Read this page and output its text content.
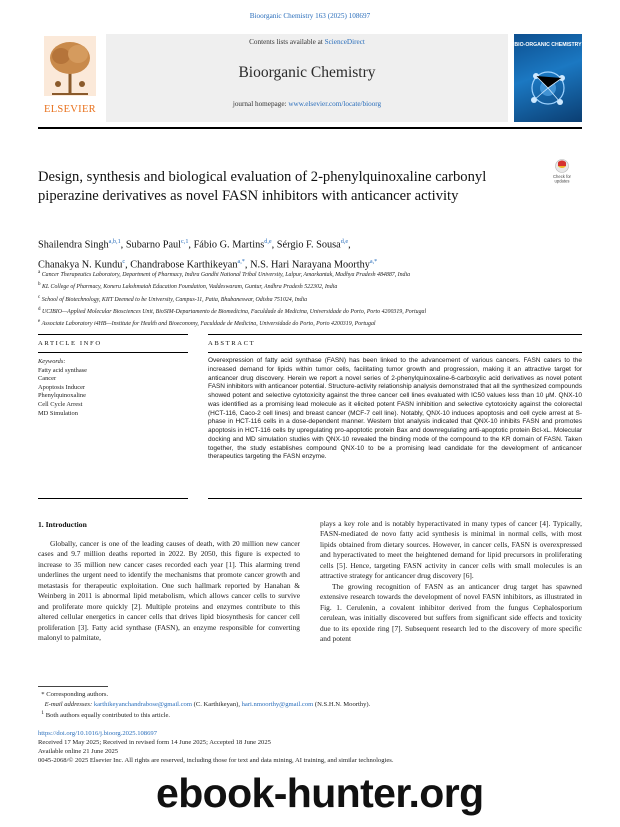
Bioorganic Chemistry 163 (2025) 108697
ELSEVIER
Contents lists available at ScienceDirect
Bioorganic Chemistry
journal homepage: www.elsevier.com/locate/bioorg
BIO-ORGANIC CHEMISTRY
Design, synthesis and biological evaluation of 2-phenylquinoxaline carbonyl piperazine derivatives as novel FASN inhibitors with anticancer activity
Check for
updates
Shailendra Singh$^{a,b,1}$, Subarno Paul$^{c,1}$, Fábio G. Martins$^{d,e}$, Sérgio F. Sousa$^{d,e}$,
Chanakya N. Kundu$^c$, Chandrabose Karthikeyan$^{a,*}$, N.S. Hari Narayana Moorthy$^{a,*}$
$^a$ Cancer Therapeutics Laboratory, Department of Pharmacy, Indira Gandhi National Tribal University, Lalpur, Amarkantak, Madhya Pradesh 484887, India
$^b$ KL College of Pharmacy, Koneru Lakshmaiah Education Foundation, Vaddeswaram, Guntur, Andhra Pradesh 522302, India
$^c$ School of Biotechnology, KIIT Deemed to be University, Campus-11, Patia, Bhubaneswar, Odisha 751024, India
$^d$ UCIBIO—Applied Molecular Biosciences Unit, BioSIM-Departamento de Biomedicina, Faculdade de Medicina, Universidade do Porto, Porto 4200319, Portugal
$^e$ Associate Laboratory i4HB—Institute for Health and Bioeconomy, Faculdade de Medicina, Universidade do Porto, Porto 4200319, Portugal
ARTICLE INFO	ABSTRACT
Keywords:
Fatty acid synthase
Cancer
Apoptosis Inducer
Phenylquinoxaline
Cell Cycle Arrest
MD Simulation
Overexpression of fatty acid synthase (FASN) has been linked to the advancement of various cancers. FASN caters to the increased demand for lipids within tumor cells, facilitating tumor growth and progression, making it an attractive target for anticancer drug discovery. Herein we report a novel series of 2-phenylquinoxaline-6-carboxylic acid derivatives as novel potent FASN inhibitors with anticancer potential. Structure-activity relationship analysis demonstrated that all the synthesized compounds showed potent and selective cytotoxicity against the three cancer cell lines evaluated with IC50 values less than 10 μM. QNX-10 was identified as a promising lead molecule as it elicited potent FASN inhibition and selective cytotoxicity against the colorectal (HCT-116, Caco-2 cell lines) and breast cancer (MCF-7 cell line). Notably, QNX-10 induces apoptosis and cell cycle arrest at S-phase in HCT-116 cells in a dose-dependent manner. Western blot analysis indicated that QNX-10 inhibits FASN and promotes apoptosis in HCT-116 cells by upregulating pro-apoptotic protein Bax and downregulating anti-apoptotic protein Bcl-xL. Molecular docking and MD simulation studies with QNX-10 revealed the binding mode of the compound to the KR domain of FASN. Taken together, the study establishes compound QNX-10 to be a promising lead candidate for the development of anticancer therapeutics targeting the FASN enzyme.
1. Introduction

Globally, cancer is one of the leading causes of death, with 20 million new cancer cases and 9.7 million deaths reported in 2022. By 2050, this figure is expected to increase to 35 million new cancer cases recorded each year [1]. This alarming trend underlines the urgent need to identify the mechanisms that promote cancer growth and metastasis for therapeutic exploitation. One such hallmark reported by Hanahan & Weinberg in 2011 is abnormal lipid metabolism, which allows cancer cells to survive and proliferate more quickly [2]. Multiple proteins and enzymes contribute to this altered cellular energetics in cancer cells that drives lipid biosynthesis for cancer cell proliferation [3]. Fatty acid synthase (FASN), an enzyme responsible for converting malonyl to palmitate,

plays a key role and is notably hyperactivated in many types of cancer [4]. Typically, FASN-mediated de novo fatty acid synthesis is minimal in normal cells, with most lipids obtained from dietary sources. However, in cancer cells, FASN is overexpressed and hyperactivated to meet the heightened demand for lipid precursors in proliferating cells [5]. Hence, targeting FASN activity in cancer cells with small molecules is an attractive strategy for anticancer drug discovery [6].

The growing recognition of FASN as an anticancer drug target has spawned extensive research towards the development of novel FASN inhibitors, as illustrated in Fig. 1. Cerulenin, a covalent inhibitor derived from the fungus Cephalosporium cerulean, was initially discovered but suffers from significant side effects and toxicity due to its epoxide ring [7]. Subsequent research led to the discovery of more specific and potent

* Corresponding authors.
E-mail addresses: karthikeyanchandrabose@gmail.com (C. Karthikeyan), hari.nmoorthy@gmail.com (N.S.H.N. Moorthy).
$^1$ Both authors equally contributed to this article.
https://doi.org/10.1016/j.bioorg.2025.108697
Received 17 May 2025; Received in revised form 14 June 2025; Accepted 18 June 2025
Available online 21 June 2025
0045-2068/© 2025 Elsevier Inc. All rights are reserved, including those for text and data mining, AI training, and similar technologies.
ebook-hunter.org
